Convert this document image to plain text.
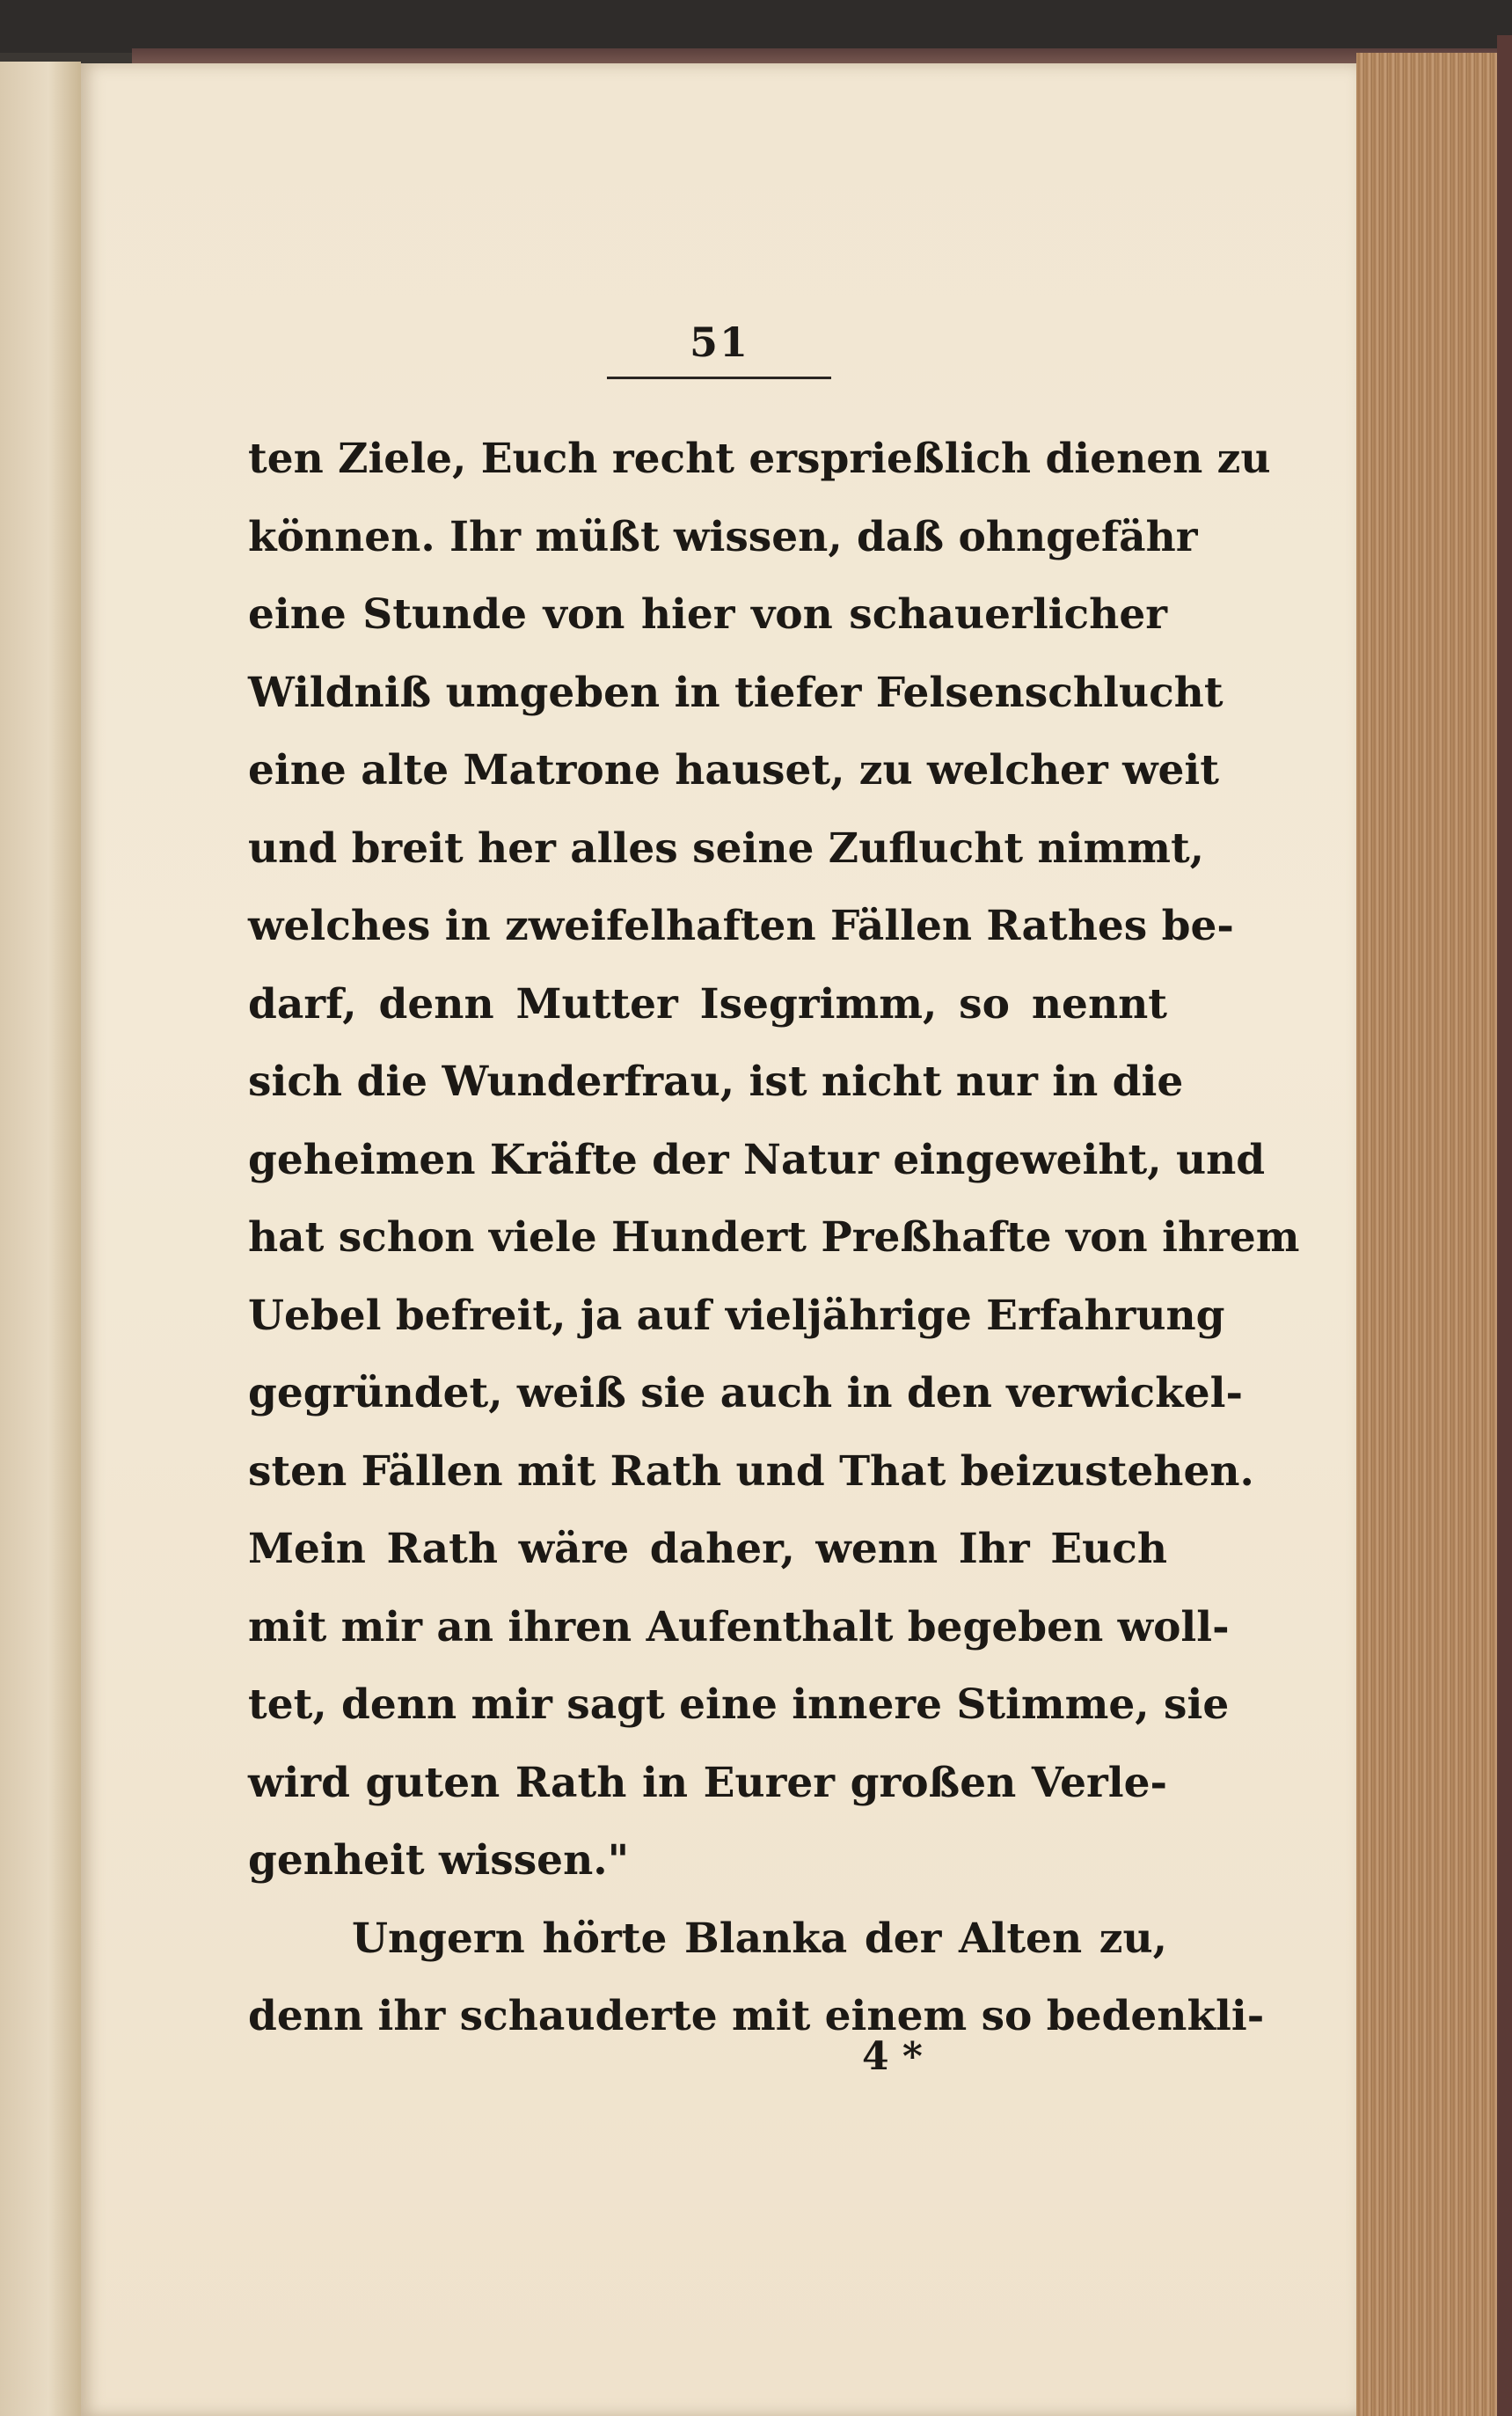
51
ten Ziele, Euch recht ersprießlich dienen zu
können. Ihr müßt wissen, daß ohngefähr
eine Stunde von hier von schauerlicher
Wildniß umgeben in tiefer Felsenschlucht
eine alte Matrone hauset, zu welcher weit
und breit her alles seine Zuflucht nimmt,
welches in zweifelhaften Fällen Rathes be-
darf, denn Mutter Isegrimm, so nennt
sich die Wunderfrau, ist nicht nur in die
geheimen Kräfte der Natur eingeweiht, und
hat schon viele Hundert Preßhafte von ihrem
Uebel befreit, ja auf vieljährige Erfahrung
gegründet, weiß sie auch in den verwickel-
sten Fällen mit Rath und That beizustehen.
Mein Rath wäre daher, wenn Ihr Euch
mit mir an ihren Aufenthalt begeben woll-
tet, denn mir sagt eine innere Stimme, sie
wird guten Rath in Eurer großen Verle-
genheit wissen."
Ungern hörte Blanka der Alten zu,
denn ihr schauderte mit einem so bedenkli-
4 *
